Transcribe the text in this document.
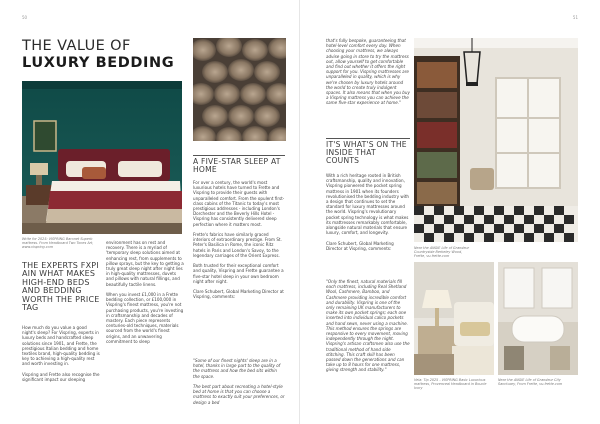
50
THE VALUE OF
LUXURY BEDDING
Write for 2025: VISPRING Baronet Superb mattress. From Headboard Two Tones Art, www.vispring.com
THE EXPERTS FXPI AIN WHAT MAKES HIGH-END BEDS AND BEDDING WORTH THE PRICE TAG
How much do you value a good night's sleep? For Vispring, experts in luxury beds and handcrafted sleep solutions since 1901, and Frette, the prestigious Italian bedding and home textiles brand, high-quality bedding is key to achieving a high-quality rest and worth investing in.

Vispring and Frette also recognise the significant impact our sleeping
environment has on rest and recovery. There is a myriad of 'temporary sleep solutions aimed at enhancing rest, from supplements to pillow sprays, but the key to getting a truly great sleep night after night lies in high-quality mattresses, duvets and pillows with natural fillings, and beautifully tactile linens.

When you invest £1,000 in a Frette bedding collection, or £100,000 in Vispring's finest mattress, you're not purchasing products, you're investing in craftsmanship and decades of mastery. Each piece represents centuries-old techniques, materials sourced from the world's finest origins, and an unwavering commitment to sleep
A FIVE-STAR SLEEP AT HOME
For over a century, the world's most luxurious hotels have turned to Frette and Vispring to provide their guests with unparalleled comfort. From the opulent first-class cabins of the Titanic to today's most prestigious addresses - including London's Dorchester and the Beverly Hills Hotel - Vispring has consistently delivered sleep perfection where it matters most.

Frette's fabrics have similarly graced interiors of extraordinary prestige. From St. Peter's Basilica in Rome, the iconic Ritz hotels in Paris and London's Savoy, to the legendary carriages of the Orient Express.

Both trusted for their exceptional comfort and quality, Vispring and Frette guarantee a five-star hotel sleep in your own bedroom night after night.

Clare Schubert, Global Marketing Director at Vispring, comments:
"Some of our finest nights' sleep are in a hotel, thanks in large part to the quality of the mattress and how the bed sits within the space.

The best part about recreating a hotel-style bed at home is that you can choose a mattress to exactly suit your preferences, or design a bed
51
that's fully bespoke, guaranteeing that hotel-level comfort every day. When choosing your mattress, we always advise going in store to try the mattress out, allow yourself to get comfortable and find out whether it offers the right support for you. Vispring mattresses are unparalleled in quality, which is why we're chosen by luxury hotels around the world to create truly indulgent spaces. It also means that when you buy a Vispring mattress you can achieve the same five-star experience at home."
IT'S WHAT'S ON THE INSIDE THAT COUNTS
With a rich heritage rooted in British craftsmanship, quality and innovation, Vispring pioneered the pocket spring mattress in 1901 when its founders revolutionised the bedding industry with a design that continues to set the standard for luxury mattresses around the world. Vispring's revolutionary pocket spring technology is what makes its mattresses remarkably comfortable, alongside natural materials that ensure luxury, comfort, and longevity.

Clare Schubert, Global Marketing Director at Vispring, comments:
"Only the finest, natural materials fill each mattress, including Real Shetland Wool, Cashmere, Bamboo, and Cashmere providing incredible comfort and durability. Vispring is one of the only remaining UK manufacturers to make its own pocket springs; each one inserted into individual calico pockets and hand sewn, never using a machine. This method ensures the springs are responsive to every movement, moving independently through the night. Vispring's artisan craftsmen also use the traditional method of hand side stitching. This craft skill has been passed down the generations and can take up to 8 hours for one mattress, giving strength and stability."
Near the ANGIE Life of Grandeur Countryside Berkeley Wood, Frette, vu.frette.com
Vela: Tip 2025 - VISPRING Basic Luxurious mattress, Provenceal Headboard in Boucle Ivory
Near the ANGIE Life of Grandeur City Sanctuary, From Frette, vu.frette.com
